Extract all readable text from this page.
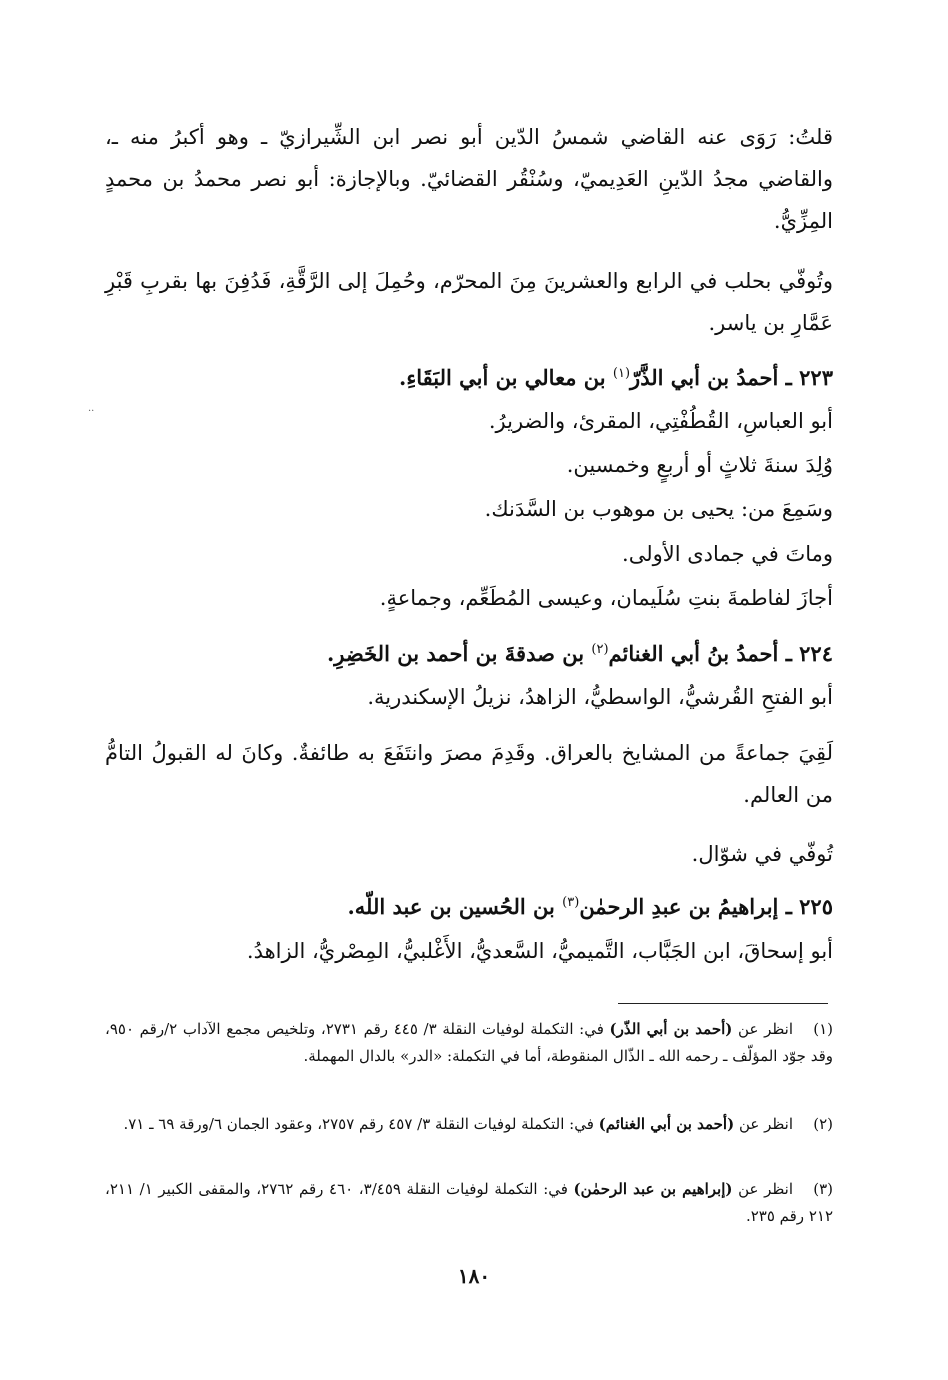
··
قلتُ: رَوَى عنه القاضي شمسُ الدّين أبو نصر ابن الشِّيرازيّ ـ وهو أكبرُ منه ـ، والقاضي مجدُ الدّينِ العَدِيميّ، وسُنْقُر القضائيّ. وبالإجازة: أبو نصر محمدُ بن محمدٍ المِزِّيُّ.
وتُوفّي بحلب في الرابع والعشرينَ مِنَ المحرّم، وحُمِلَ إلى الرَّقَّةِ، فَدُفِنَ بها بقربِ قَبْرِ عَمَّارِ بن ياسر.
٢٢٣ ـ أحمدُ بن أبي الذَّرّ$^{(١)}$ بن معالي بن أبي البَقَاءِ.
أبو العباسِ، القُطُفْتِي، المقرئ، والضريرُ.
وُلِدَ سنةَ ثلاثٍ أو أربعٍ وخمسين.
وسَمِعَ من: يحيى بن موهوب بن السَّدَنك.
وماتَ في جمادى الأولى.
أجازَ لفاطمةَ بنتِ سُلَيمان، وعيسى المُطَعِّم، وجماعةٍ.
٢٢٤ ـ أحمدُ بنُ أبي الغنائم$^{(٢)}$ بن صدقةَ بن أحمد بن الخَضِرِ.
أبو الفتحِ القُرشيُّ، الواسطيُّ، الزاهدُ، نزيلُ الإسكندرية.
لَقِيَ جماعةً من المشايخ بالعراق. وقَدِمَ مصرَ وانتَفَعَ به طائفةٌ. وكانَ له القبولُ التامُّ من العالم.
تُوفّي في شوّال.
٢٢٥ ـ إبراهيمُ بن عبدِ الرحمٰن$^{(٣)}$ بن الحُسين بن عبد اللّه.
أبو إسحاقَ، ابن الجَبَّاب، التَّميميُّ، السَّعديُّ، الأَغْلبيُّ، المِصْريُّ، الزاهدُ.
(١)انظر عن (أحمد بن أبي الذّر) في: التكملة لوفيات النقلة ٣/ ٤٤٥ رقم ٢٧٣١، وتلخيص مجمع الآداب ٢/رقم ٩٥٠، وقد جوّد المؤلّف ـ رحمه الله ـ الذّال المنقوطة، أما في التكملة: «الدر» بالدال المهملة.
(٢)انظر عن (أحمد بن أبي الغنائم) في: التكملة لوفيات النقلة ٣/ ٤٥٧ رقم ٢٧٥٧، وعقود الجمان ٦/ورقة ٦٩ ـ ٧١.
(٣)انظر عن (إبراهيم بن عبد الرحمٰن) في: التكملة لوفيات النقلة ٣/٤٥٩، ٤٦٠ رقم ٢٧٦٢، والمقفى الكبير ١/ ٢١١، ٢١٢ رقم ٢٣٥.
١٨٠
